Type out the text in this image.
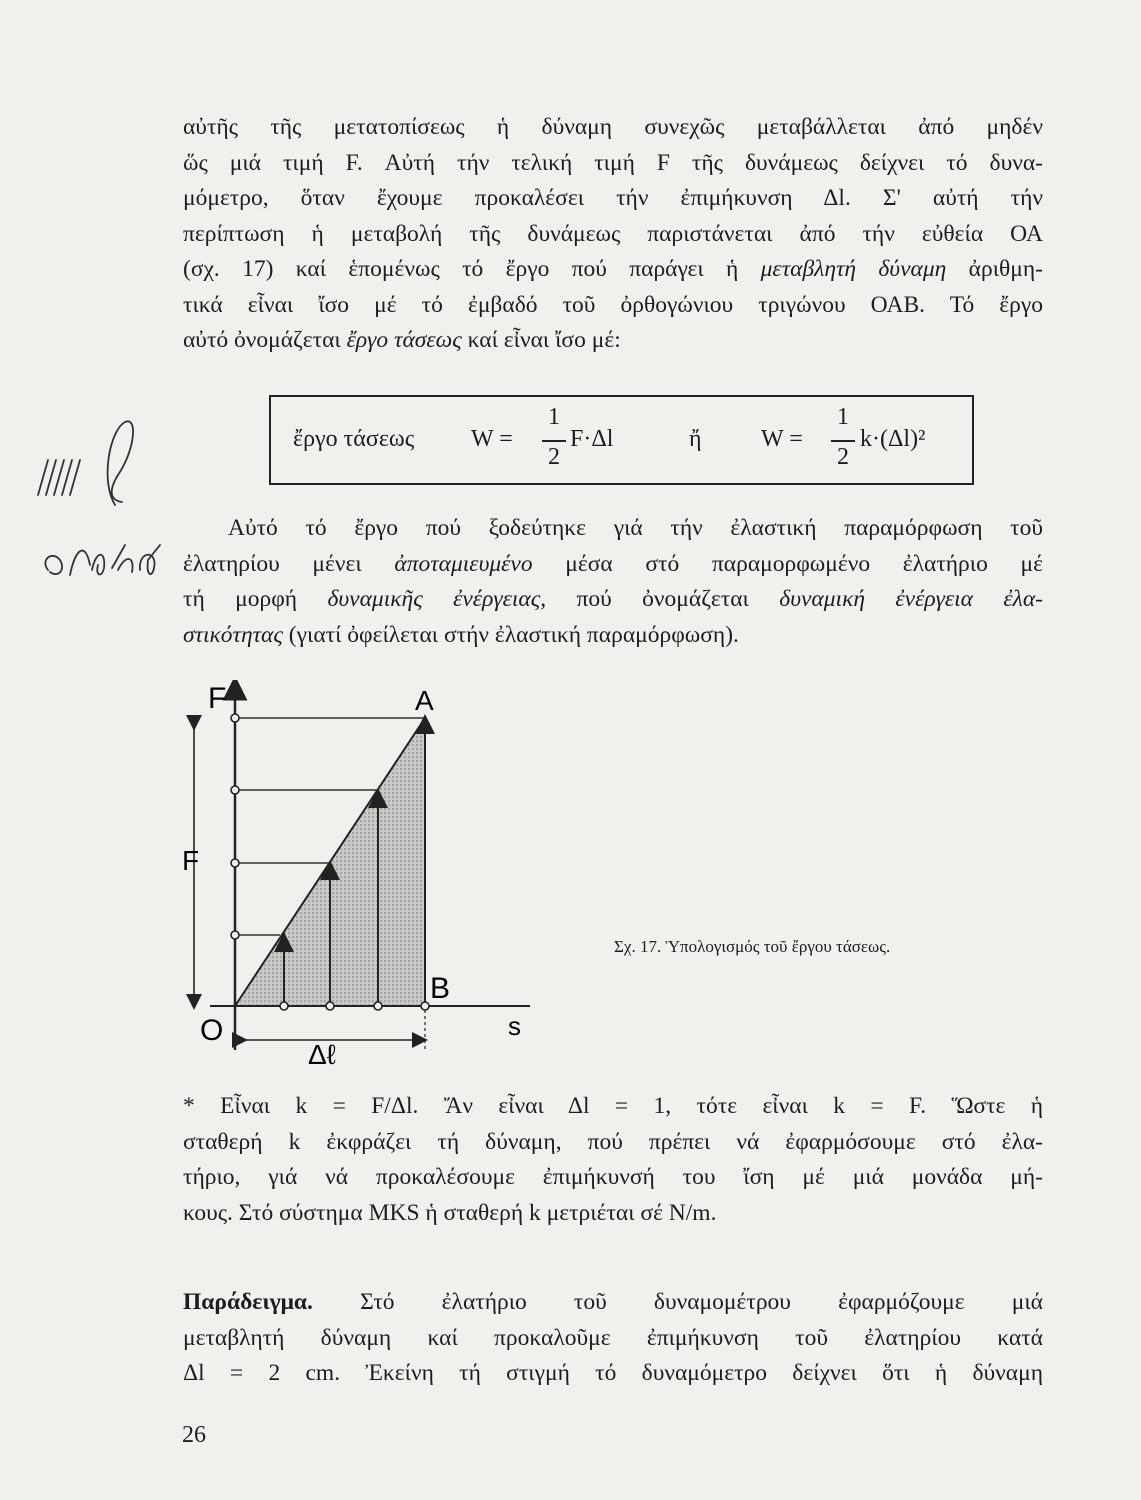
αὐτῆς τῆς μετατοπίσεως ἡ δύναμη συνεχῶς μεταβάλλεται ἀπό μηδέν
ὥς μιά τιμή F. Αὐτή τήν τελική τιμή F τῆς δυνάμεως δείχνει τό δυνα-
μόμετρο, ὅταν ἔχουμε προκαλέσει τήν ἐπιμήκυνση Δl. Σ' αὐτή τήν
περίπτωση ἡ μεταβολή τῆς δυνάμεως παριστάνεται ἀπό τήν εὐθεία ΟΑ
(σχ. 17) καί ἑπομένως τό ἔργο πού παράγει ἡ μεταβλητή δύναμη ἀριθμη-
τικά εἶναι ἴσο μέ τό ἐμβαδό τοῦ ὀρθογώνιου τριγώνου ΟΑΒ. Τό ἔργο
αὐτό ὀνομάζεται ἔργο τάσεως καί εἶναι ἴσο μέ:
ἔργο τάσεως W =
1
2
F·Δl	ἤ W =
1
2
k·(Δl)²
Αὐτό τό ἔργο πού ξοδεύτηκε γιά τήν ἐλαστική παραμόρφωση τοῦ
ἐλατηρίου μένει ἀποταμιευμένο μέσα στό παραμορφωμένο ἐλατήριο μέ
τή μορφή δυναμικῆς ἐνέργειας, πού ὀνομάζεται δυναμική ἐνέργεια ἐλα-
στικότητας (γιατί ὀφείλεται στήν ἐλαστική παραμόρφωση).
F	A
F
O
B
s
Δℓ
Σχ. 17. Ὑπολογισμός τοῦ ἔργου τάσεως.
* Εἶναι k = F/Δl. Ἄν εἶναι Δl = 1, τότε εἶναι k = F. Ὥστε ἡ
σταθερή k ἐκφράζει τή δύναμη, πού πρέπει νά ἐφαρμόσουμε στό ἐλα-
τήριο, γιά νά προκαλέσουμε ἐπιμήκυνσή του ἴση μέ μιά μονάδα μή-
κους. Στό σύστημα MKS ἡ σταθερή k μετριέται σέ N/m.
Παράδειγμα. Στό ἐλατήριο τοῦ δυναμομέτρου ἐφαρμόζουμε μιά
μεταβλητή δύναμη καί προκαλοῦμε ἐπιμήκυνση τοῦ ἐλατηρίου κατά
Δl = 2 cm. Ἐκείνη τή στιγμή τό δυναμόμετρο δείχνει ὅτι ἡ δύναμη
26
///// ℓ ισχάρα
